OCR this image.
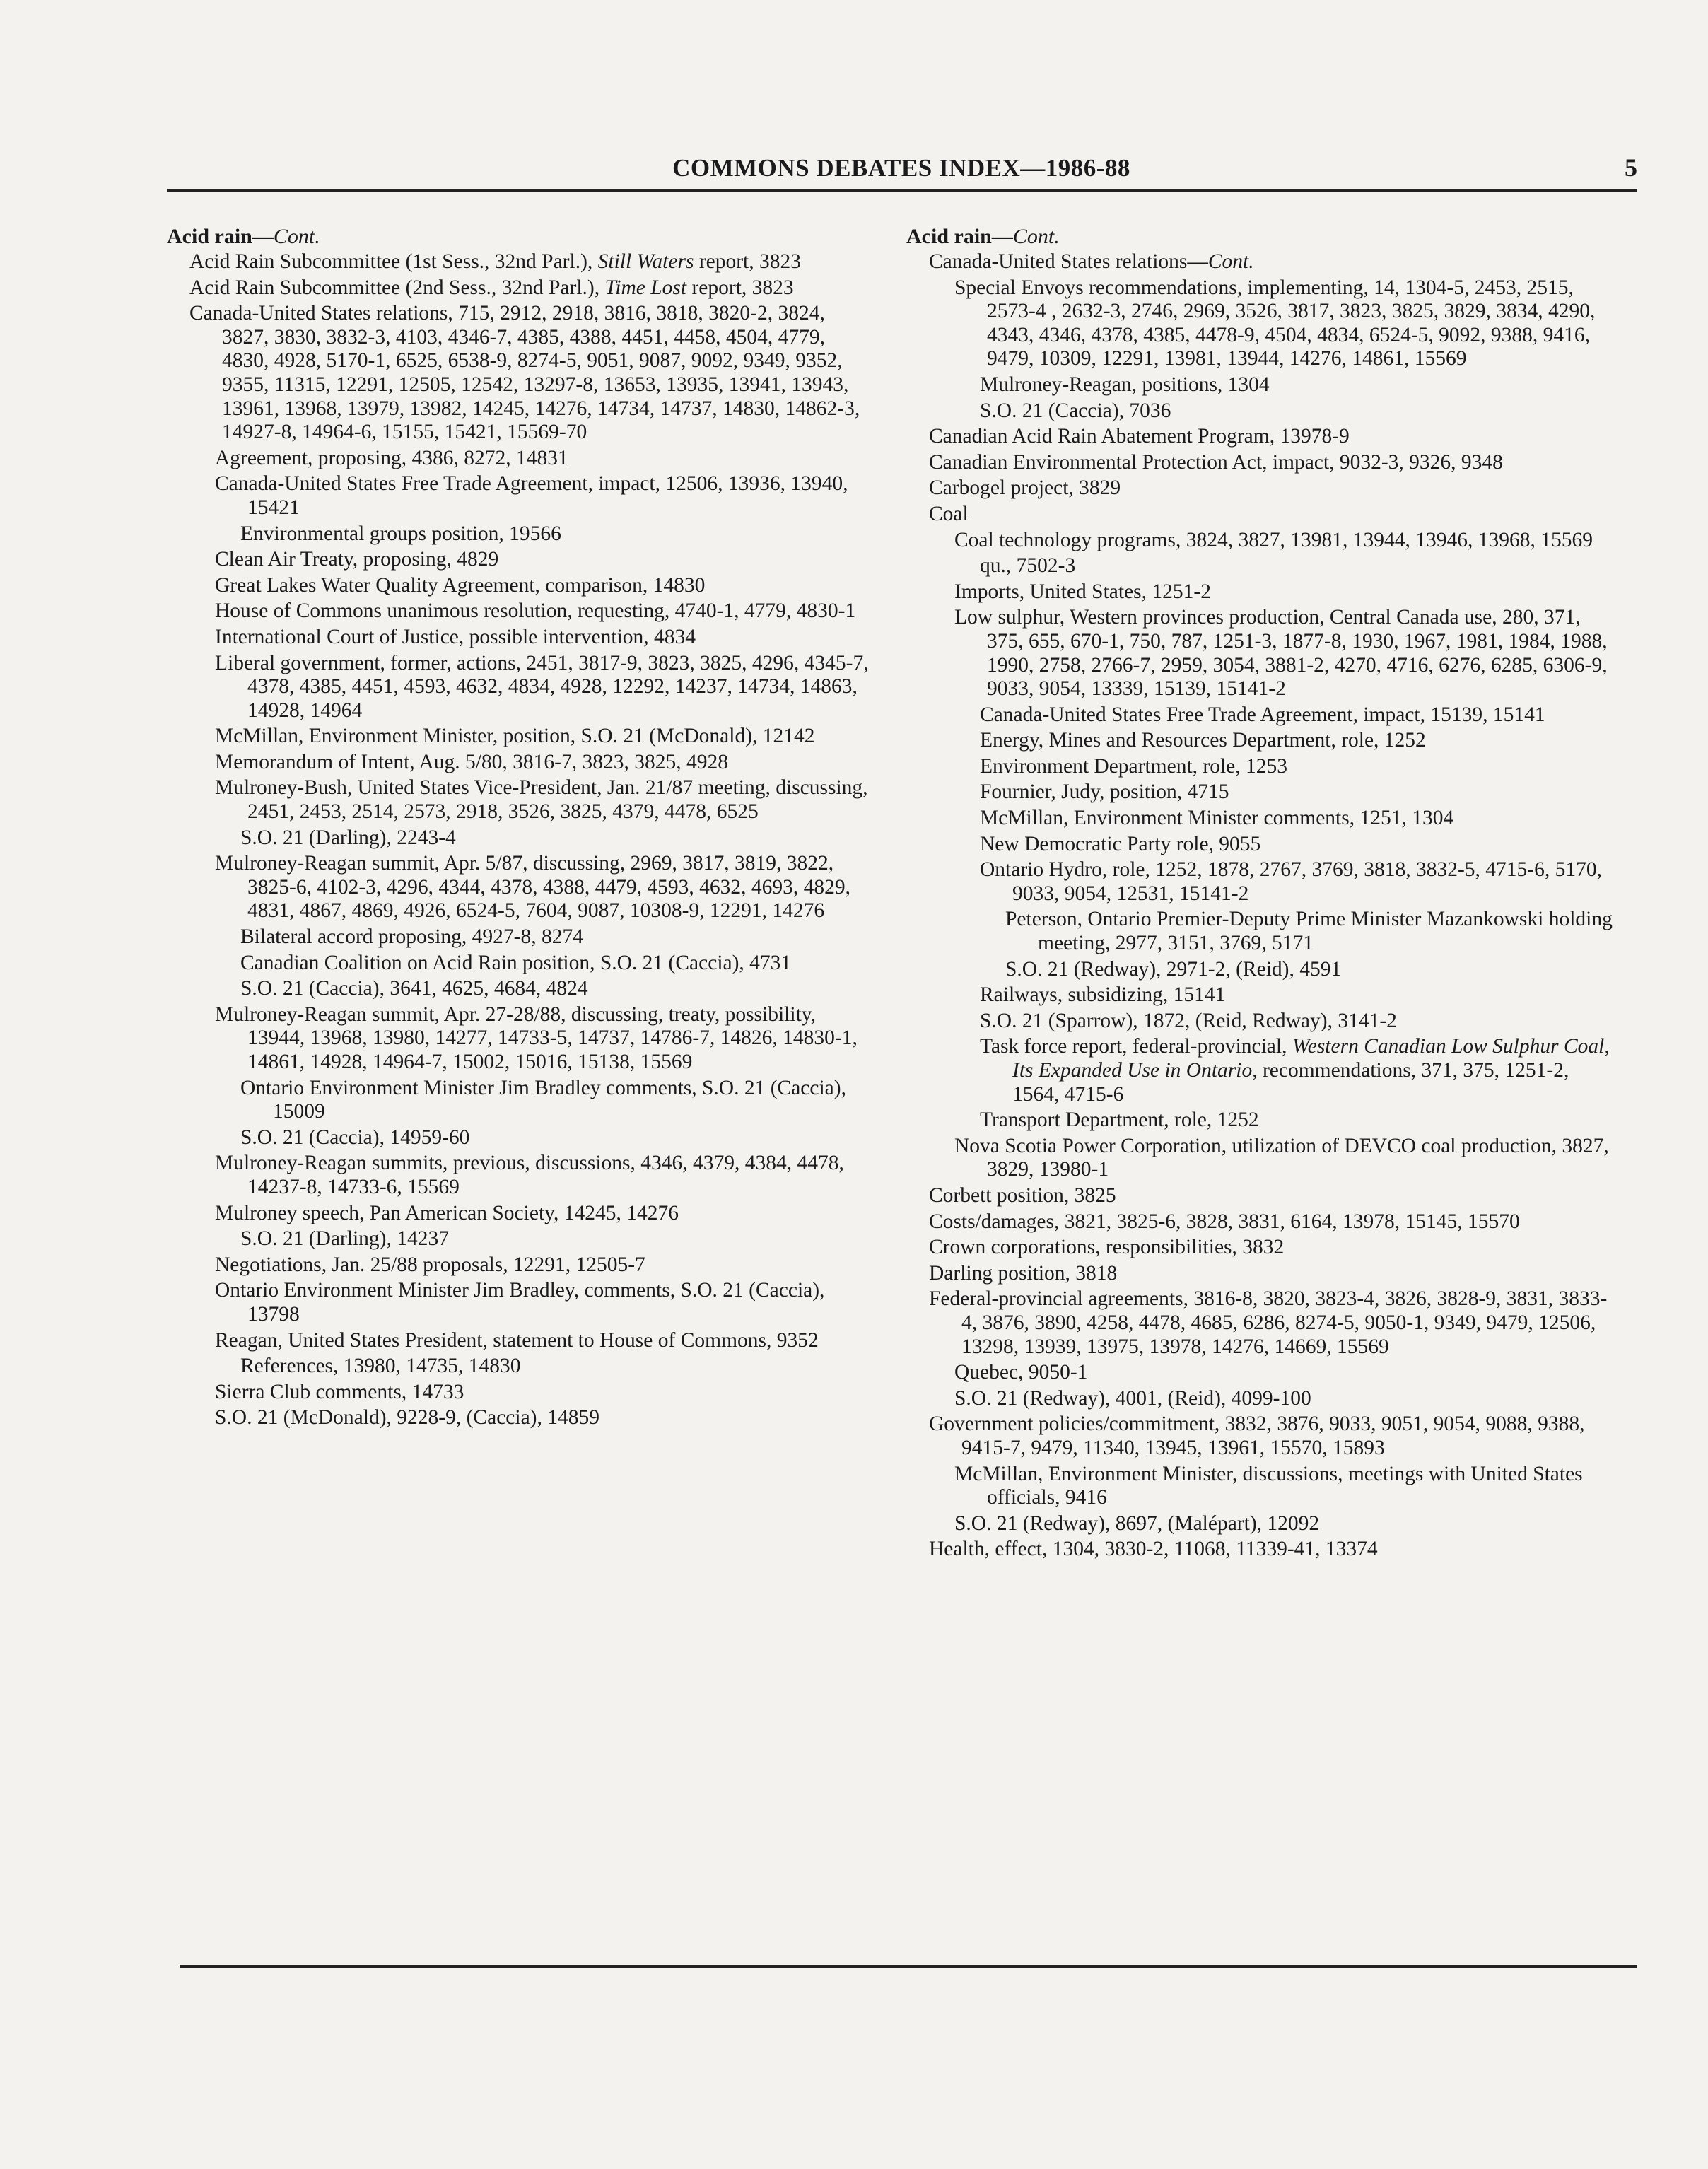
COMMONS DEBATES INDEX—1986-88	5
Acid rain—Cont.
Acid Rain Subcommittee (1st Sess., 32nd Parl.), Still Waters report, 3823
Acid Rain Subcommittee (2nd Sess., 32nd Parl.), Time Lost report, 3823
Canada-United States relations, 715, 2912, 2918, 3816, 3818, 3820-2, 3824, 3827, 3830, 3832-3, 4103, 4346-7, 4385, 4388, 4451, 4458, 4504, 4779, 4830, 4928, 5170-1, 6525, 6538-9, 8274-5, 9051, 9087, 9092, 9349, 9352, 9355, 11315, 12291, 12505, 12542, 13297-8, 13653, 13935, 13941, 13943, 13961, 13968, 13979, 13982, 14245, 14276, 14734, 14737, 14830, 14862-3, 14927-8, 14964-6, 15155, 15421, 15569-70
Agreement, proposing, 4386, 8272, 14831
Canada-United States Free Trade Agreement, impact, 12506, 13936, 13940, 15421
Environmental groups position, 19566
Clean Air Treaty, proposing, 4829
Great Lakes Water Quality Agreement, comparison, 14830
House of Commons unanimous resolution, requesting, 4740-1, 4779, 4830-1
International Court of Justice, possible intervention, 4834
Liberal government, former, actions, 2451, 3817-9, 3823, 3825, 4296, 4345-7, 4378, 4385, 4451, 4593, 4632, 4834, 4928, 12292, 14237, 14734, 14863, 14928, 14964
McMillan, Environment Minister, position, S.O. 21 (McDonald), 12142
Memorandum of Intent, Aug. 5/80, 3816-7, 3823, 3825, 4928
Mulroney-Bush, United States Vice-President, Jan. 21/87 meeting, discussing, 2451, 2453, 2514, 2573, 2918, 3526, 3825, 4379, 4478, 6525
S.O. 21 (Darling), 2243-4
Mulroney-Reagan summit, Apr. 5/87, discussing, 2969, 3817, 3819, 3822, 3825-6, 4102-3, 4296, 4344, 4378, 4388, 4479, 4593, 4632, 4693, 4829, 4831, 4867, 4869, 4926, 6524-5, 7604, 9087, 10308-9, 12291, 14276
Bilateral accord proposing, 4927-8, 8274
Canadian Coalition on Acid Rain position, S.O. 21 (Caccia), 4731
S.O. 21 (Caccia), 3641, 4625, 4684, 4824
Mulroney-Reagan summit, Apr. 27-28/88, discussing, treaty, possibility, 13944, 13968, 13980, 14277, 14733-5, 14737, 14786-7, 14826, 14830-1, 14861, 14928, 14964-7, 15002, 15016, 15138, 15569
Ontario Environment Minister Jim Bradley comments, S.O. 21 (Caccia), 15009
S.O. 21 (Caccia), 14959-60
Mulroney-Reagan summits, previous, discussions, 4346, 4379, 4384, 4478, 14237-8, 14733-6, 15569
Mulroney speech, Pan American Society, 14245, 14276
S.O. 21 (Darling), 14237
Negotiations, Jan. 25/88 proposals, 12291, 12505-7
Ontario Environment Minister Jim Bradley, comments, S.O. 21 (Caccia), 13798
Reagan, United States President, statement to House of Commons, 9352
References, 13980, 14735, 14830
Sierra Club comments, 14733
S.O. 21 (McDonald), 9228-9, (Caccia), 14859
Acid rain—Cont.
Canada-United States relations—Cont.
Special Envoys recommendations, implementing, 14, 1304-5, 2453, 2515, 2573-4 , 2632-3, 2746, 2969, 3526, 3817, 3823, 3825, 3829, 3834, 4290, 4343, 4346, 4378, 4385, 4478-9, 4504, 4834, 6524-5, 9092, 9388, 9416, 9479, 10309, 12291, 13981, 13944, 14276, 14861, 15569
Mulroney-Reagan, positions, 1304
S.O. 21 (Caccia), 7036
Canadian Acid Rain Abatement Program, 13978-9
Canadian Environmental Protection Act, impact, 9032-3, 9326, 9348
Carbogel project, 3829
Coal
Coal technology programs, 3824, 3827, 13981, 13944, 13946, 13968, 15569
qu., 7502-3
Imports, United States, 1251-2
Low sulphur, Western provinces production, Central Canada use, 280, 371, 375, 655, 670-1, 750, 787, 1251-3, 1877-8, 1930, 1967, 1981, 1984, 1988, 1990, 2758, 2766-7, 2959, 3054, 3881-2, 4270, 4716, 6276, 6285, 6306-9, 9033, 9054, 13339, 15139, 15141-2
Canada-United States Free Trade Agreement, impact, 15139, 15141
Energy, Mines and Resources Department, role, 1252
Environment Department, role, 1253
Fournier, Judy, position, 4715
McMillan, Environment Minister comments, 1251, 1304
New Democratic Party role, 9055
Ontario Hydro, role, 1252, 1878, 2767, 3769, 3818, 3832-5, 4715-6, 5170, 9033, 9054, 12531, 15141-2
Peterson, Ontario Premier-Deputy Prime Minister Mazankowski holding meeting, 2977, 3151, 3769, 5171
S.O. 21 (Redway), 2971-2, (Reid), 4591
Railways, subsidizing, 15141
S.O. 21 (Sparrow), 1872, (Reid, Redway), 3141-2
Task force report, federal-provincial, Western Canadian Low Sulphur Coal, Its Expanded Use in Ontario, recommendations, 371, 375, 1251-2, 1564, 4715-6
Transport Department, role, 1252
Nova Scotia Power Corporation, utilization of DEVCO coal production, 3827, 3829, 13980-1
Corbett position, 3825
Costs/damages, 3821, 3825-6, 3828, 3831, 6164, 13978, 15145, 15570
Crown corporations, responsibilities, 3832
Darling position, 3818
Federal-provincial agreements, 3816-8, 3820, 3823-4, 3826, 3828-9, 3831, 3833-4, 3876, 3890, 4258, 4478, 4685, 6286, 8274-5, 9050-1, 9349, 9479, 12506, 13298, 13939, 13975, 13978, 14276, 14669, 15569
Quebec, 9050-1
S.O. 21 (Redway), 4001, (Reid), 4099-100
Government policies/commitment, 3832, 3876, 9033, 9051, 9054, 9088, 9388, 9415-7, 9479, 11340, 13945, 13961, 15570, 15893
McMillan, Environment Minister, discussions, meetings with United States officials, 9416
S.O. 21 (Redway), 8697, (Malépart), 12092
Health, effect, 1304, 3830-2, 11068, 11339-41, 13374
